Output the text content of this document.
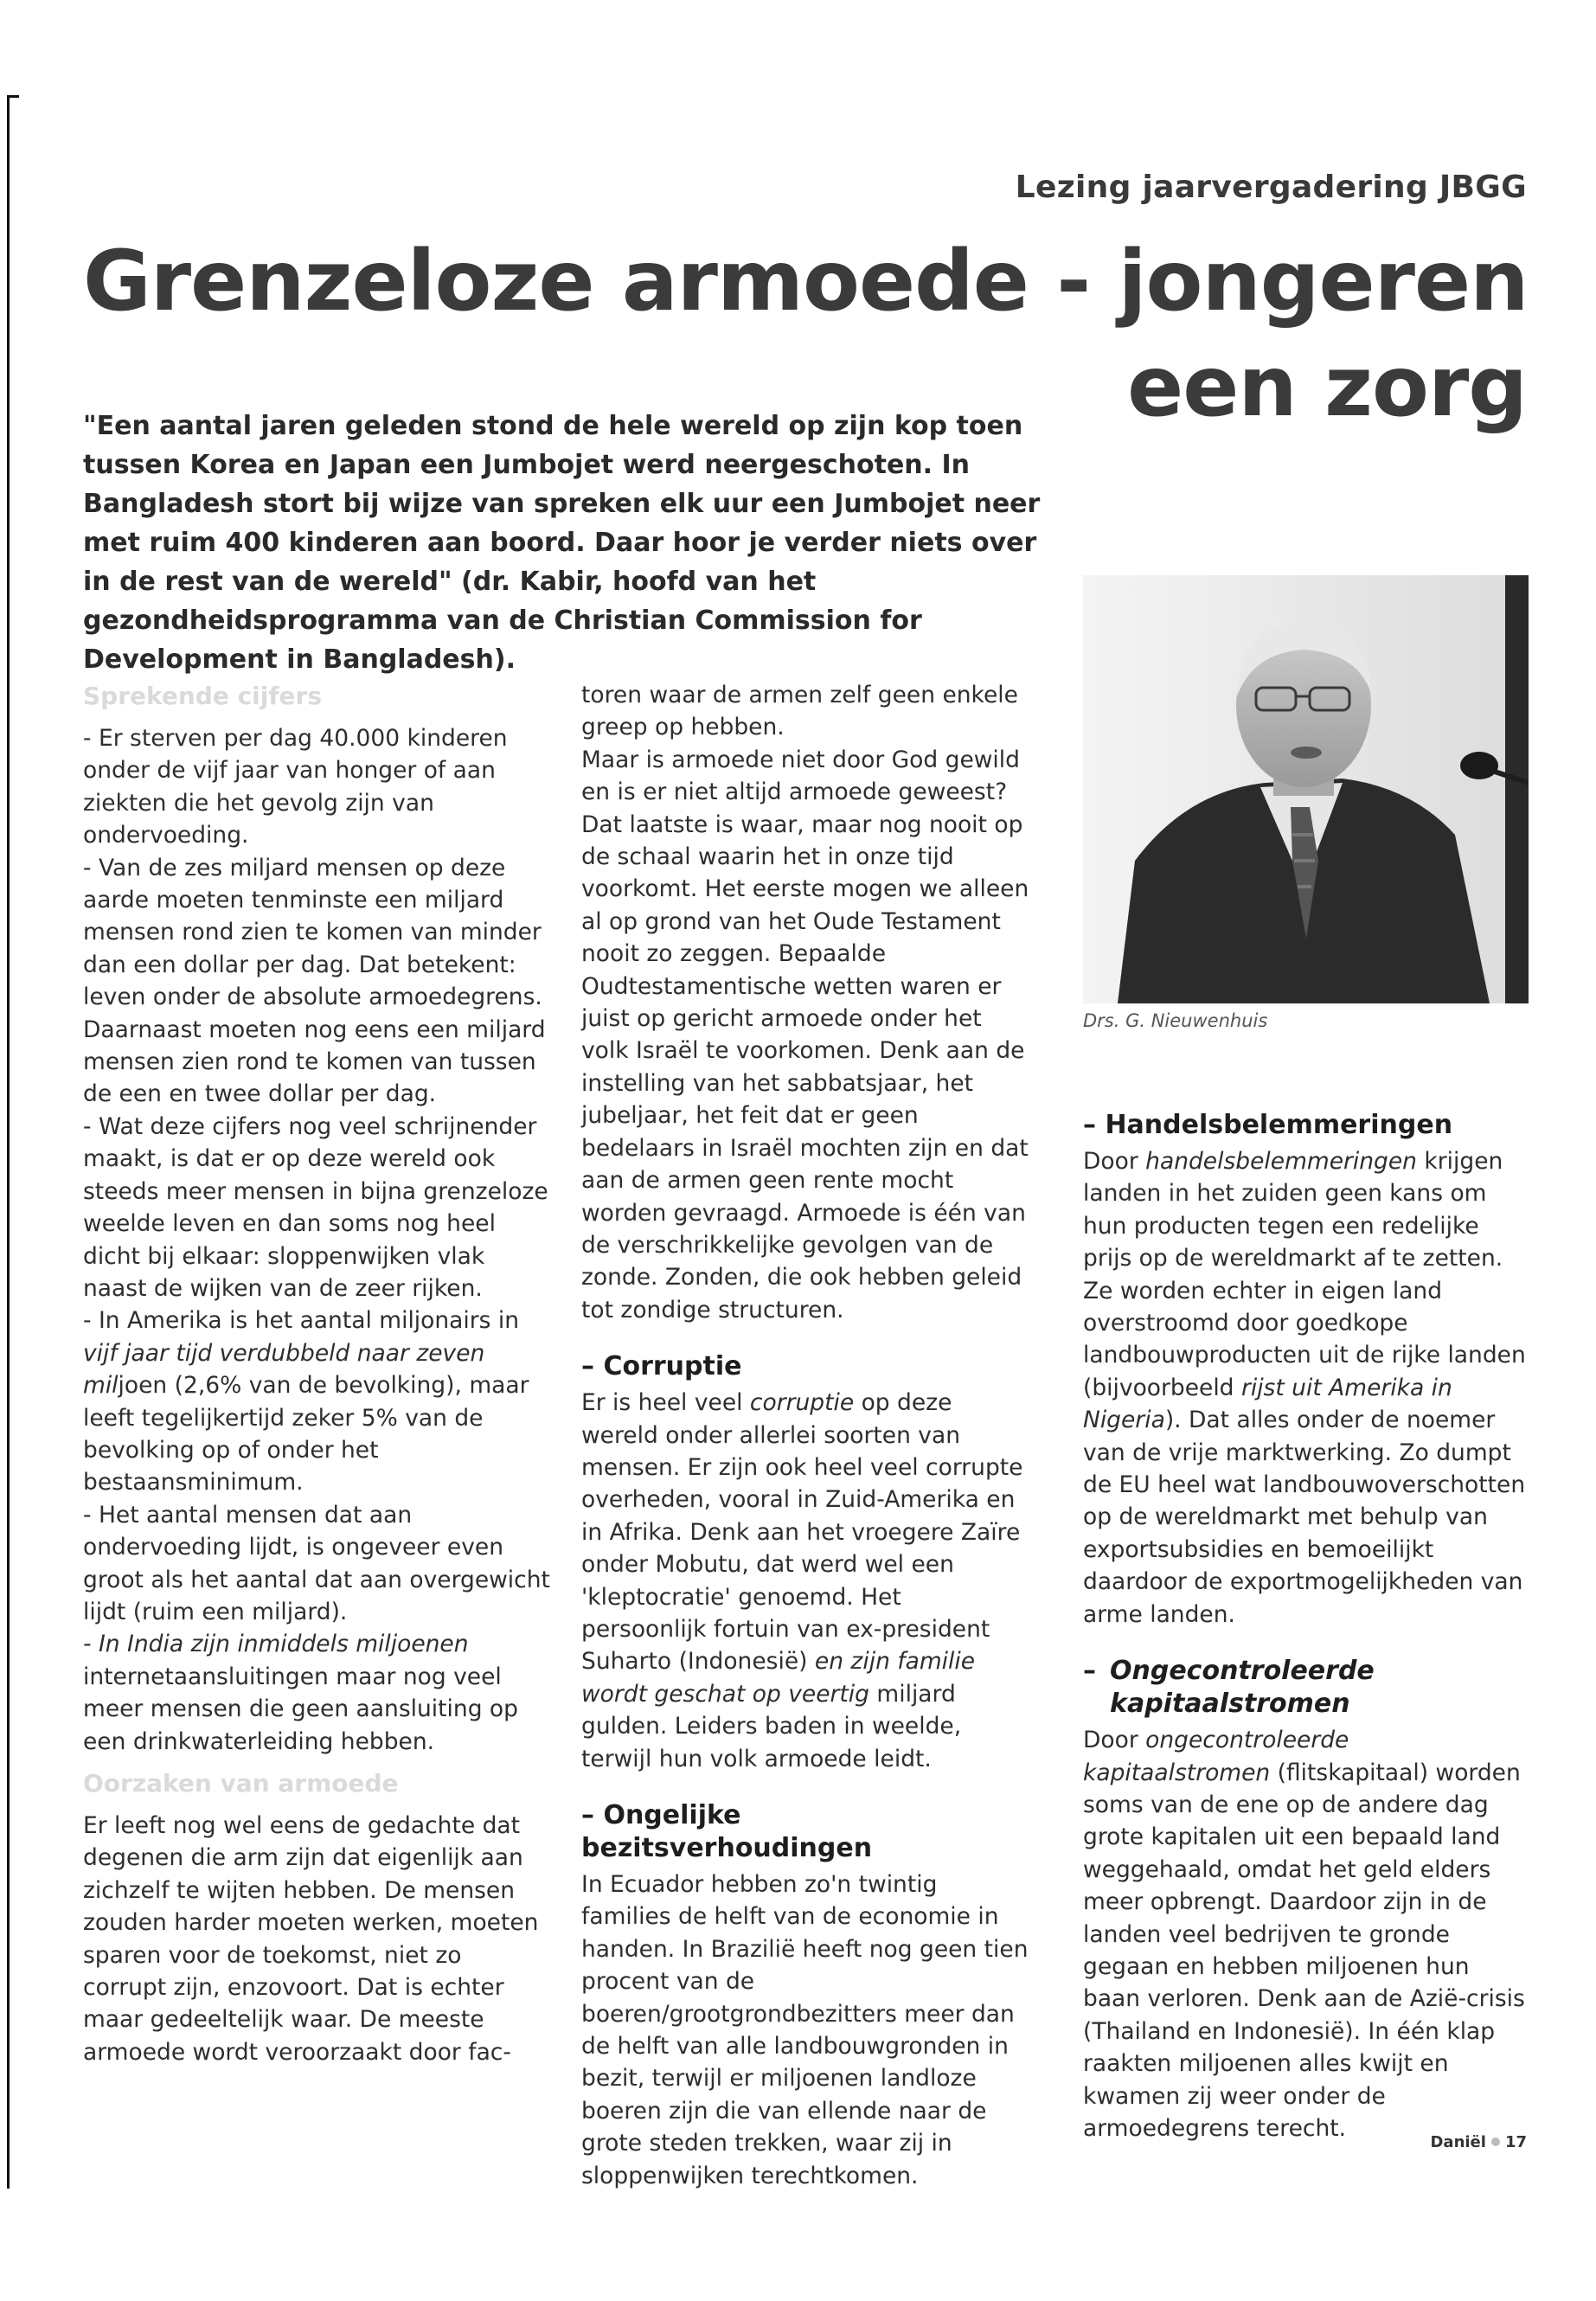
Lezing jaarvergadering JBGG
Grenzeloze armoede - jongeren
een zorg
"Een aantal jaren geleden stond de hele wereld op zijn kop toen tussen Korea en Japan een Jumbojet werd neergeschoten. In Bangladesh stort bij wijze van spreken elk uur een Jumbojet neer met ruim 400 kinderen aan boord. Daar hoor je verder niets over in de rest van de wereld" (dr. Kabir, hoofd van het gezondheidsprogramma van de Christian Commission for Development in Bangladesh).
Drs. G. Nieuwenhuis
Sprekende cijfers

- Er sterven per dag 40.000 kinderen onder de vijf jaar van honger of aan ziekten die het gevolg zijn van ondervoeding.

- Van de zes miljard mensen op deze aarde moeten tenminste een miljard mensen rond zien te komen van minder dan een dollar per dag. Dat betekent: leven onder de absolute armoedegrens. Daarnaast moeten nog eens een miljard mensen zien rond te komen van tussen de een en twee dollar per dag.

- Wat deze cijfers nog veel schrijnender maakt, is dat er op deze wereld ook steeds meer mensen in bijna grenzeloze weelde leven en dan soms nog heel dicht bij elkaar: sloppenwijken vlak naast de wijken van de zeer rijken.

- In Amerika is het aantal miljonairs in vijf jaar tijd verdubbeld naar zeven miljoen (2,6% van de bevolking), maar leeft tegelijkertijd zeker 5% van de bevolking op of onder het bestaansminimum.

- Het aantal mensen dat aan ondervoeding lijdt, is ongeveer even groot als het aantal dat aan overgewicht lijdt (ruim een miljard).

- In India zijn inmiddels miljoenen internetaansluitingen maar nog veel meer mensen die geen aansluiting op een drinkwaterleiding hebben.

Oorzaken van armoede

Er leeft nog wel eens de gedachte dat degenen die arm zijn dat eigenlijk aan zichzelf te wijten hebben. De mensen zouden harder moeten werken, moeten sparen voor de toekomst, niet zo corrupt zijn, enzovoort. Dat is echter maar gedeeltelijk waar. De meeste armoede wordt veroorzaakt door fac-

toren waar de armen zelf geen enkele greep op hebben.

Maar is armoede niet door God gewild en is er niet altijd armoede geweest? Dat laatste is waar, maar nog nooit op de schaal waarin het in onze tijd voorkomt. Het eerste mogen we alleen al op grond van het Oude Testament nooit zo zeggen. Bepaalde Oudtestamentische wetten waren er juist op gericht armoede onder het volk Israël te voorkomen. Denk aan de instelling van het sabbatsjaar, het jubeljaar, het feit dat er geen bedelaars in Israël mochten zijn en dat aan de armen geen rente mocht worden gevraagd. Armoede is één van de verschrikkelijke gevolgen van de zonde. Zonden, die ook hebben geleid tot zondige structuren.

– Corruptie

Er is heel veel corruptie op deze wereld onder allerlei soorten van mensen. Er zijn ook heel veel corrupte overheden, vooral in Zuid-Amerika en in Afrika. Denk aan het vroegere Zaïre onder Mobutu, dat werd wel een 'kleptocratie' genoemd. Het persoonlijk fortuin van ex-president Suharto (Indonesië) en zijn familie wordt geschat op veertig miljard gulden. Leiders baden in weelde, terwijl hun volk armoede leidt.

– Ongelijke bezitsverhoudingen

In Ecuador hebben zo'n twintig families de helft van de economie in handen. In Brazilië heeft nog geen tien procent van de boeren/grootgrondbezitters meer dan de helft van alle landbouwgronden in bezit, terwijl er miljoenen landloze boeren zijn die van ellende naar de grote steden trekken, waar zij in sloppenwijken terechtkomen.

– Handelsbelemmeringen

Door handelsbelemmeringen krijgen landen in het zuiden geen kans om hun producten tegen een redelijke prijs op de wereldmarkt af te zetten. Ze worden echter in eigen land overstroomd door goedkope landbouwproducten uit de rijke landen (bijvoorbeeld rijst uit Amerika in Nigeria). Dat alles onder de noemer van de vrije marktwerking. Zo dumpt de EU heel wat landbouwoverschotten op de wereldmarkt met behulp van exportsubsidies en bemoeilijkt daardoor de exportmogelijkheden van arme landen.

– Ongecontroleerde kapitaalstromen

Door ongecontroleerde kapitaalstromen (flitskapitaal) worden soms van de ene op de andere dag grote kapitalen uit een bepaald land weggehaald, omdat het geld elders meer opbrengt. Daardoor zijn in de landen veel bedrijven te gronde gegaan en hebben miljoenen hun baan verloren. Denk aan de Azië-crisis (Thailand en Indonesië). In één klap raakten miljoenen alles kwijt en kwamen zij weer onder de armoedegrens terecht.

Daniël 17
